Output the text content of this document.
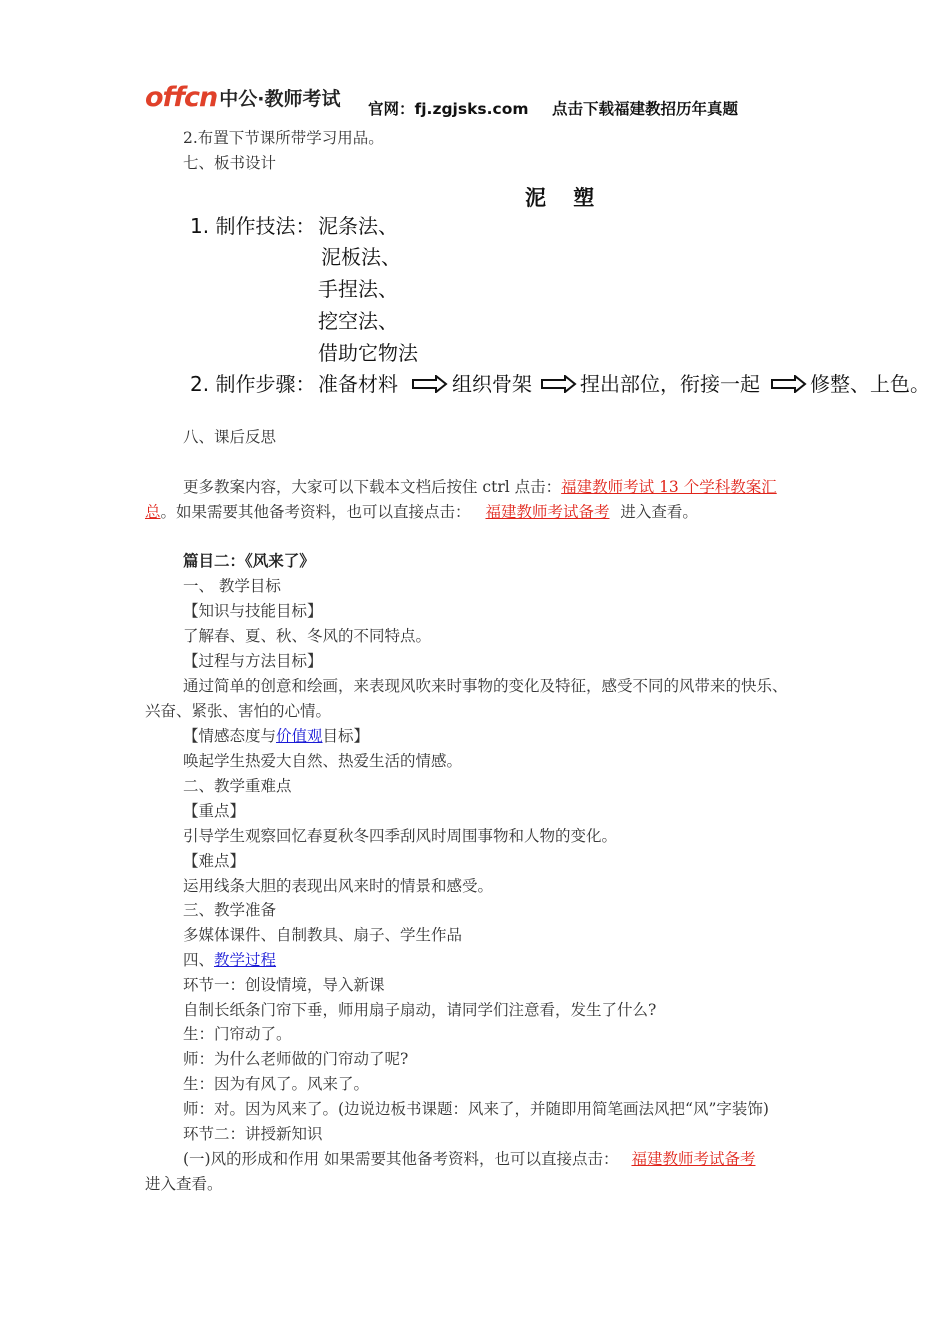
offcn 中公·教师考试 官网：fj.zgjsks.com 点击下载福建教招历年真题
2.布置下节课所带学习用品。
七、板书设计
泥 塑
1. 制作技法： 泥条法、
泥板法、
手捏法、
挖空法、
借助它物法
2. 制作步骤： 准备材料	组织骨架 捏出部位，衔接一起	修整、上色。
八、课后反思
更多教案内容，大家可以下载本文档后按住 ctrl 点击：福建教师考试 13 个学科教案汇
总。如果需要其他备考资料，也可以直接点击： 福建教师考试备考 进入查看。
篇目二：《风来了》
一、 教学目标
【知识与技能目标】
了解春、夏、秋、冬风的不同特点。
【过程与方法目标】
通过简单的创意和绘画，来表现风吹来时事物的变化及特征，感受不同的风带来的快乐、
兴奋、紧张、害怕的心情。
【情感态度与价值观目标】
唤起学生热爱大自然、热爱生活的情感。
二、教学重难点
【重点】
引导学生观察回忆春夏秋冬四季刮风时周围事物和人物的变化。
【难点】
运用线条大胆的表现出风来时的情景和感受。
三、教学准备
多媒体课件、自制教具、扇子、学生作品
四、教学过程
环节一：创设情境，导入新课
自制长纸条门帘下垂，师用扇子扇动，请同学们注意看，发生了什么?
生：门帘动了。
师：为什么老师做的门帘动了呢?
生：因为有风了。风来了。
师：对。因为风来了。(边说边板书课题：风来了，并随即用简笔画法风把“风”字装饰)
环节二：讲授新知识
(一)风的形成和作用 如果需要其他备考资料，也可以直接点击： 福建教师考试备考
进入查看。
